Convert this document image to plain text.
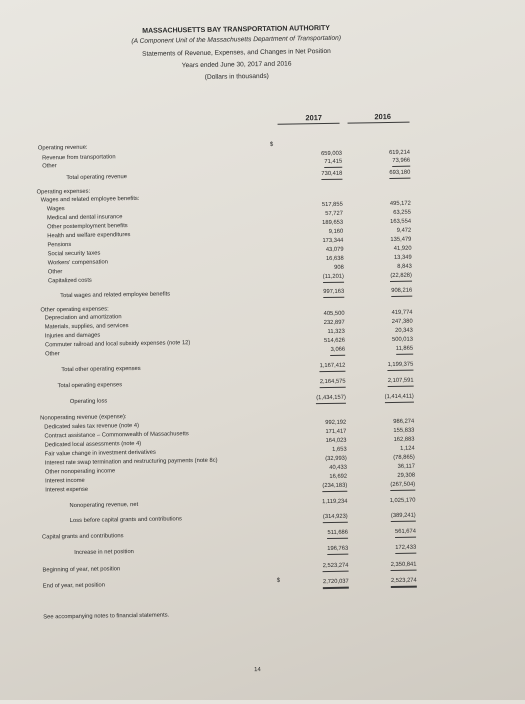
MASSACHUSETTS BAY TRANSPORTATION AUTHORITY
(A Component Unit of the Massachusetts Department of Transportation)
Statements of Revenue, Expenses, and Changes in Net Position
Years ended June 30, 2017 and 2016
(Dollars in thousands)
2017	2016
$
$
Operating revenue:
Revenue from transportation
659,003	619,214
Other
71,415	73,966
Total operating revenue
730,418	693,180
Operating expenses:
Wages and related employee benefits:
Wages
517,855	495,172
Medical and dental insurance
57,727	63,255
Other postemployment benefits
189,653	163,554
Health and welfare expenditures
9,160	9,472
Pensions
173,344	135,479
Social security taxes
43,079	41,920
Workers' compensation
16,638	13,349
Other
908	8,843
Capitalized costs
(11,201)	(22,828)
Total wages and related employee benefits	997,163	908,216
Other operating expenses:
Depreciation and amortization
405,500	419,774
Materials, supplies, and services
232,897	247,380
Injuries and damages
11,323	20,343
Commuter railroad and local subsidy expenses (note 12)	514,626	500,013
Other
3,066	11,865
Total other operating expenses
1,167,412	1,199,375
Total operating expenses
2,164,575	2,107,591
Operating loss
(1,434,157)	(1,414,411)
Nonoperating revenue (expense):
Dedicated sales tax revenue (note 4)
992,192	986,274
Contract assistance – Commonwealth of Massachusetts	171,417	155,833
Dedicated local assessments (note 4)
164,023	162,883
Fair value change in investment derivatives	1,653	1,124
Interest rate swap termination and restructuring payments (note 8c)	(32,993)	(78,865)
Other nonoperating income
40,433	36,117
Interest income
16,692	29,308
Interest expense
(234,183)	(267,504)
Nonoperating revenue, net
1,119,234	1,025,170
Loss before capital grants and contributions	(314,923)	(389,241)
Capital grants and contributions
511,686	561,674
Increase in net position
196,763	172,433
Beginning of year, net position
2,523,274	2,350,841
End of year, net position
2,720,037	2,523,274
See accompanying notes to financial statements.
14
